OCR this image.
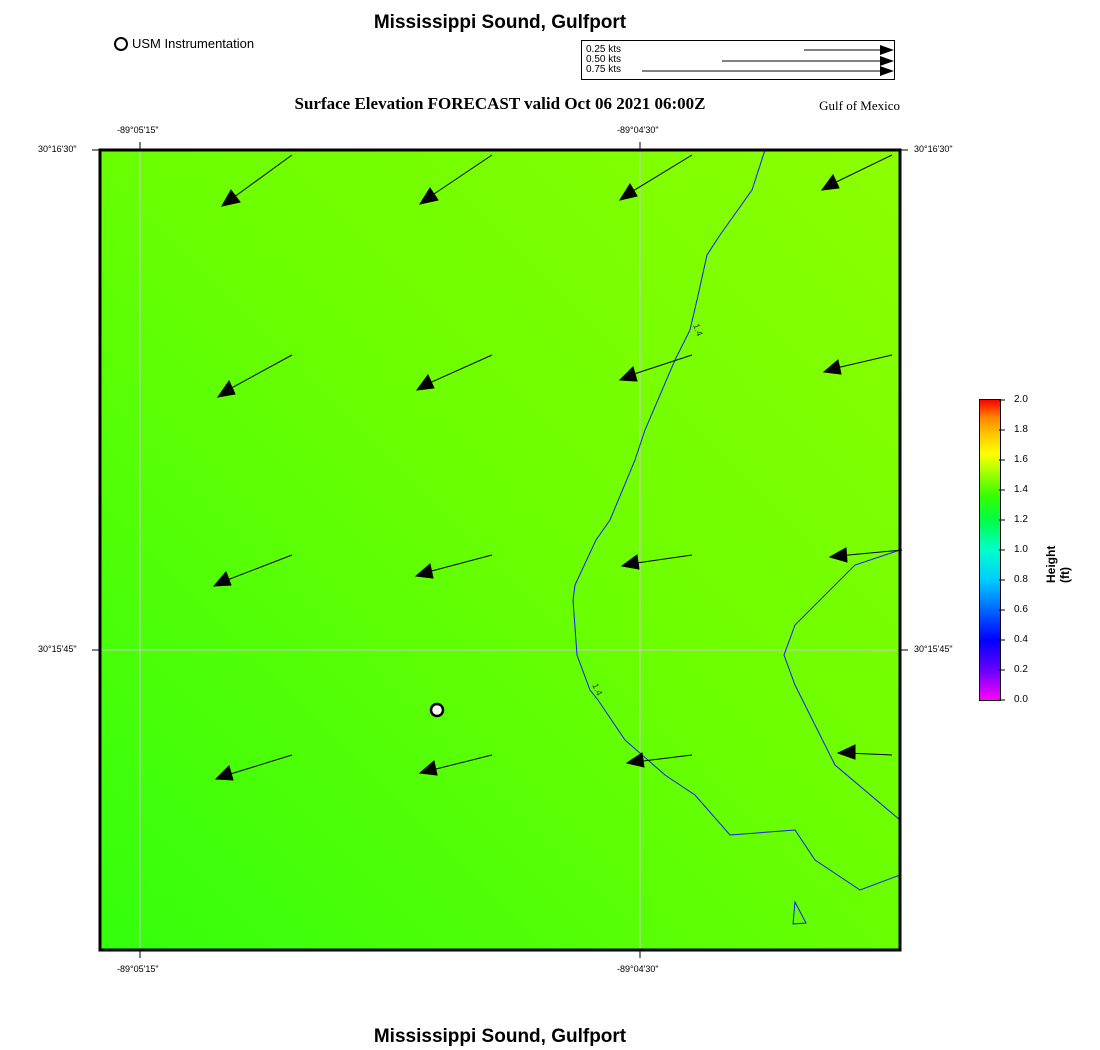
Mississippi Sound, Gulfport
Surface Elevation FORECAST valid Oct 06 2021 06:00Z	Gulf of Mexico
Mississippi Sound, Gulfport
USM Instrumentation	0.25 kts
0.50 kts
0.75 kts
1.4
1.4
-89°05'15"	-89°04'30"
-89°05'15"	-89°04'30"
30°16'30"
30°15'45"
30°16'30"
30°15'45"
2.0
1.8
1.6
1.4
1.2
1.0
0.8
0.6
0.4
0.2
0.0
Height (ft)
